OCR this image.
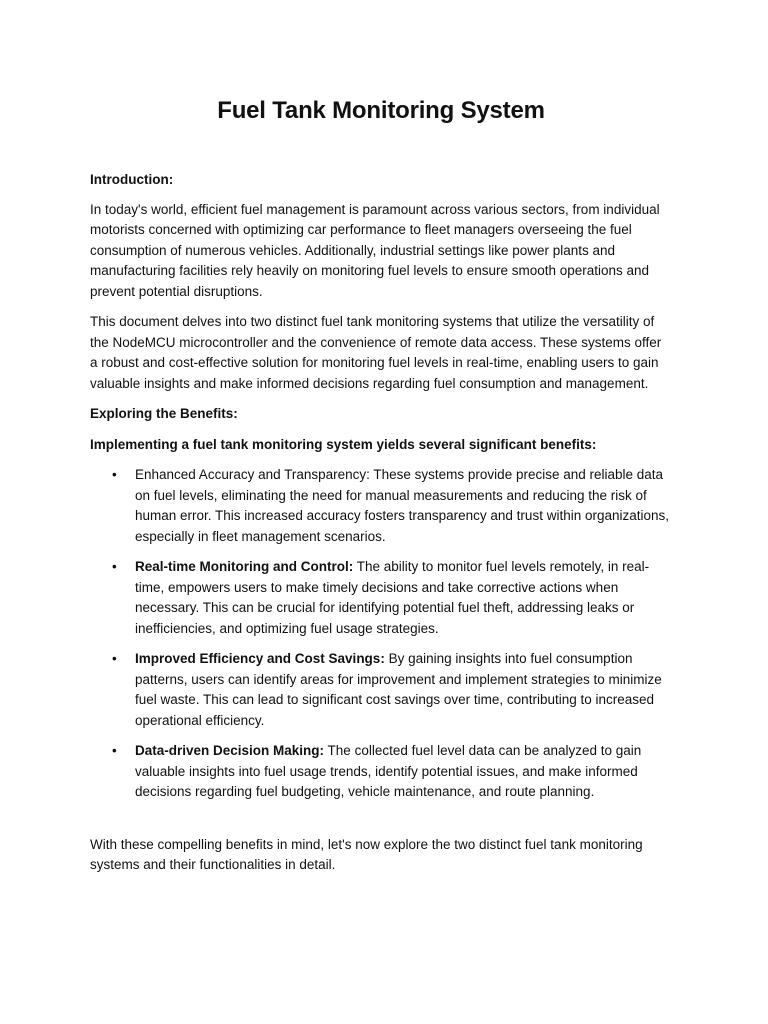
Fuel Tank Monitoring System
Introduction:

In today's world, efficient fuel management is paramount across various sectors, from individual motorists concerned with optimizing car performance to fleet managers overseeing the fuel consumption of numerous vehicles. Additionally, industrial settings like power plants and manufacturing facilities rely heavily on monitoring fuel levels to ensure smooth operations and prevent potential disruptions.

This document delves into two distinct fuel tank monitoring systems that utilize the versatility of the NodeMCU microcontroller and the convenience of remote data access. These systems offer a robust and cost-effective solution for monitoring fuel levels in real-time, enabling users to gain valuable insights and make informed decisions regarding fuel consumption and management.

Exploring the Benefits:
Implementing a fuel tank monitoring system yields several significant benefits:
• Enhanced Accuracy and Transparency: These systems provide precise and reliable data on fuel levels, eliminating the need for manual measurements and reducing the risk of human error. This increased accuracy fosters transparency and trust within organizations, especially in fleet management scenarios.
• Real-time Monitoring and Control: The ability to monitor fuel levels remotely, in real-time, empowers users to make timely decisions and take corrective actions when necessary. This can be crucial for identifying potential fuel theft, addressing leaks or inefficiencies, and optimizing fuel usage strategies.
• Improved Efficiency and Cost Savings: By gaining insights into fuel consumption patterns, users can identify areas for improvement and implement strategies to minimize fuel waste. This can lead to significant cost savings over time, contributing to increased operational efficiency.
• Data-driven Decision Making: The collected fuel level data can be analyzed to gain valuable insights into fuel usage trends, identify potential issues, and make informed decisions regarding fuel budgeting, vehicle maintenance, and route planning.

With these compelling benefits in mind, let's now explore the two distinct fuel tank monitoring systems and their functionalities in detail.
